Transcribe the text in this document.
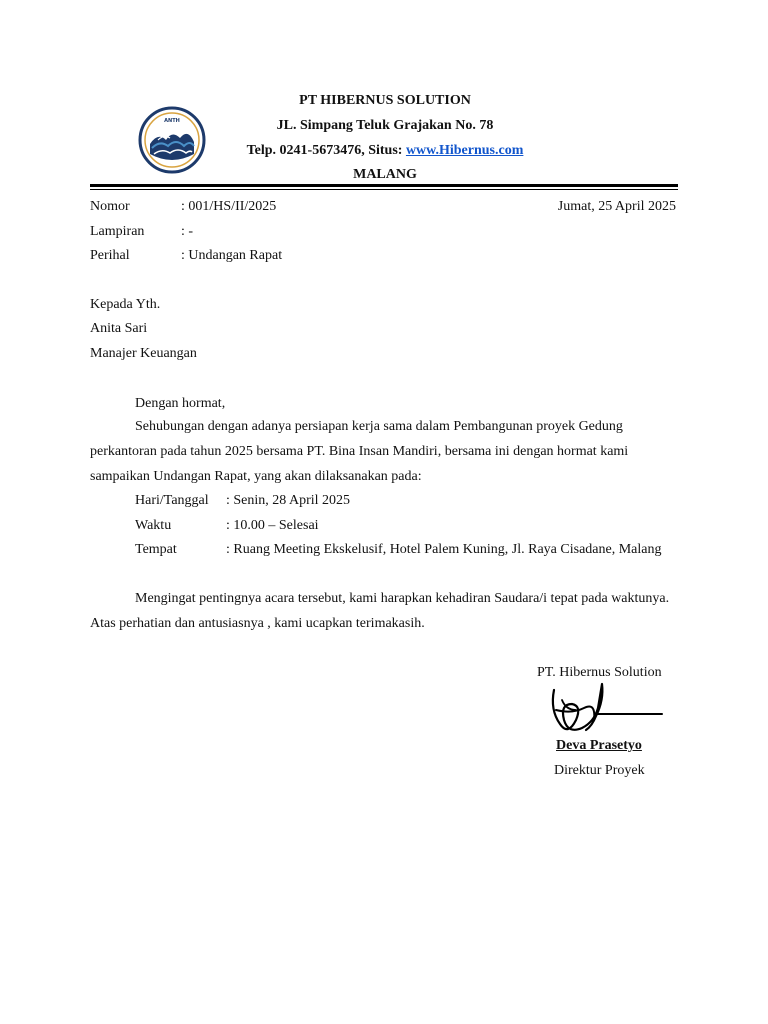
ANTH
PT HIBERNUS SOLUTION
JL. Simpang Teluk Grajakan No. 78
Telp. 0241-5673476, Situs: www.Hibernus.com
MALANG
Nomor	: 001/HS/II/2025	Jumat, 25 April 2025
Lampiran	: -
Perihal	: Undangan Rapat
Kepada Yth.
Anita Sari
Manajer Keuangan
Dengan hormat,
Sehubungan dengan adanya persiapan kerja sama dalam Pembangunan proyek Gedung
perkantoran pada tahun 2025 bersama PT. Bina Insan Mandiri, bersama ini dengan hormat kami
sampaikan Undangan Rapat, yang akan dilaksanakan pada:
Hari/Tanggal : Senin, 28 April 2025
Waktu	: 10.00 – Selesai
Tempat	: Ruang Meeting Ekskelusif, Hotel Palem Kuning, Jl. Raya Cisadane, Malang
Mengingat pentingnya acara tersebut, kami harapkan kehadiran Saudara/i tepat pada waktunya.
Atas perhatian dan antusiasnya , kami ucapkan terimakasih.
PT. Hibernus Solution
Deva Prasetyo
Direktur Proyek
